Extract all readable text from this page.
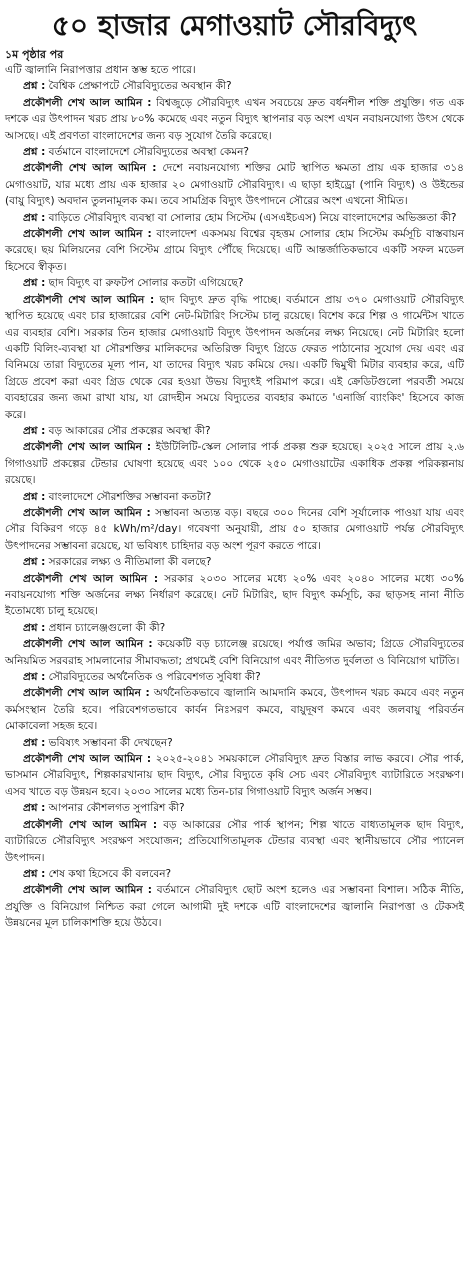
৫০ হাজার মেগাওয়াট সৌরবিদ্যুৎ
১ম পৃষ্ঠার পর

এটি জ্বালানি নিরাপত্তার প্রধান স্তম্ভ হতে পারে।

প্রশ্ন : বৈশ্বিক প্রেক্ষাপটে সৌরবিদ্যুতের অবস্থান কী?

প্রকৌশলী শেখ আল আমিন : বিশ্বজুড়ে সৌরবিদ্যুৎ এখন সবচেয়ে দ্রুত বর্ধনশীল শক্তি প্রযুক্তি। গত এক দশকে এর উৎপাদন খরচ প্রায় ৮০% কমেছে এবং নতুন বিদ্যুৎ স্থাপনার বড় অংশ এখন নবায়নযোগ্য উৎস থেকে আসছে। এই প্রবণতা বাংলাদেশের জন্য বড় সুযোগ তৈরি করেছে।

প্রশ্ন : বর্তমানে বাংলাদেশে সৌরবিদ্যুতের অবস্থা কেমন?

প্রকৌশলী শেখ আল আমিন : দেশে নবায়নযোগ্য শক্তির মোট স্থাপিত ক্ষমতা প্রায় এক হাজার ৩১৪ মেগাওয়াট, যার মধ্যে প্রায় এক হাজার ২০ মেগাওয়াট সৌরবিদ্যুৎ। এ ছাড়া হাইড্রো (পানি বিদ্যুৎ) ও উইন্ডের (বায়ু বিদ্যুৎ) অবদান তুলনামূলক কম। তবে সামগ্রিক বিদ্যুৎ উৎপাদনে সৌরের অংশ এখনো সীমিত।

প্রশ্ন : বাড়িতে সৌরবিদ্যুৎ ব্যবস্থা বা সোলার হোম সিস্টেম (এসএইচএস) নিয়ে বাংলাদেশের অভিজ্ঞতা কী?

প্রকৌশলী শেখ আল আমিন : বাংলাদেশ একসময় বিশ্বের বৃহত্তম সোলার হোম সিস্টেম কর্মসূচি বাস্তবায়ন করেছে। ছয় মিলিয়নের বেশি সিস্টেম গ্রামে বিদ্যুৎ পৌঁছে দিয়েছে। এটি আন্তর্জাতিকভাবে একটি সফল মডেল হিসেবে স্বীকৃত।

প্রশ্ন : ছাদ বিদ্যুৎ বা রুফটপ সোলার কতটা এগিয়েছে?

প্রকৌশলী শেখ আল আমিন : ছাদ বিদ্যুৎ দ্রুত বৃদ্ধি পাচ্ছে। বর্তমানে প্রায় ৩৭০ মেগাওয়াট সৌরবিদ্যুৎ স্থাপিত হয়েছে এবং চার হাজারের বেশি নেট-মিটারিং সিস্টেম চালু রয়েছে। বিশেষ করে শিল্প ও গার্মেন্টস খাতে এর ব্যবহার বেশি। সরকার তিন হাজার মেগাওয়াট বিদ্যুৎ উৎপাদন অর্জনের লক্ষ্য নিয়েছে। নেট মিটারিং হলো একটি বিলিং-ব্যবস্থা যা সৌরশক্তির মালিকদের অতিরিক্ত বিদ্যুৎ গ্রিডে ফেরত পাঠানোর সুযোগ দেয় এবং এর বিনিময়ে তারা বিদ্যুতের মূল্য পান, যা তাদের বিদ্যুৎ খরচ কমিয়ে দেয়। একটি দ্বিমুখী মিটার ব্যবহার করে, এটি গ্রিডে প্রবেশ করা এবং গ্রিড থেকে বের হওয়া উভয় বিদ্যুৎই পরিমাপ করে। এই ক্রেডিটগুলো পরবর্তী সময়ে ব্যবহারের জন্য জমা রাখা যায়, যা রোদহীন সময়ে বিদ্যুতের ব্যবহার কমাতে 'এনার্জি ব্যাংকিং' হিসেবে কাজ করে।

প্রশ্ন : বড় আকারের সৌর প্রকল্পের অবস্থা কী?

প্রকৌশলী শেখ আল আমিন : ইউটিলিটি-স্কেল সোলার পার্ক প্রকল্প শুরু হয়েছে। ২০২৫ সালে প্রায় ২.৬ গিগাওয়াট প্রকল্পের টেন্ডার ঘোষণা হয়েছে এবং ১০০ থেকে ২৫০ মেগাওয়াটের একাধিক প্রকল্প পরিকল্পনায় রয়েছে।

প্রশ্ন : বাংলাদেশে সৌরশক্তির সম্ভাবনা কতটা?

প্রকৌশলী শেখ আল আমিন : সম্ভাবনা অত্যন্ত বড়। বছরে ৩০০ দিনের বেশি সূর্যালোক পাওয়া যায় এবং সৌর বিকিরণ গড়ে ৪৫ kWh/m²/day। গবেষণা অনুযায়ী, প্রায় ৫০ হাজার মেগাওয়াট পর্যন্ত সৌরবিদ্যুৎ উৎপাদনের সম্ভাবনা রয়েছে, যা ভবিষ্যৎ চাহিদার বড় অংশ পূরণ করতে পারে।

প্রশ্ন : সরকারের লক্ষ্য ও নীতিমালা কী বলছে?

প্রকৌশলী শেখ আল আমিন : সরকার ২০৩০ সালের মধ্যে ২০% এবং ২০৪০ সালের মধ্যে ৩০% নবায়নযোগ্য শক্তি অর্জনের লক্ষ্য নির্ধারণ করেছে। নেট মিটারিং, ছাদ বিদ্যুৎ কর্মসূচি, কর ছাড়সহ নানা নীতি ইতোমধ্যে চালু হয়েছে।

প্রশ্ন : প্রধান চ্যালেঞ্জগুলো কী কী?

প্রকৌশলী শেখ আল আমিন : কয়েকটি বড় চ্যালেঞ্জ রয়েছে। পর্যাপ্ত জমির অভাব; গ্রিডে সৌরবিদ্যুতের অনিয়মিত সরবরাহ সামলানোর সীমাবদ্ধতা; প্রথমেই বেশি বিনিয়োগ এবং নীতিগত দুর্বলতা ও বিনিয়োগ ঘাটতি।

প্রশ্ন : সৌরবিদ্যুতের অর্থনৈতিক ও পরিবেশগত সুবিধা কী?

প্রকৌশলী শেখ আল আমিন : অর্থনৈতিকভাবে জ্বালানি আমদানি কমবে, উৎপাদন খরচ কমবে এবং নতুন কর্মসংস্থান তৈরি হবে। পরিবেশগতভাবে কার্বন নিঃসরণ কমবে, বায়ুদূষণ কমবে এবং জলবায়ু পরিবর্তন মোকাবেলা সহজ হবে।

প্রশ্ন : ভবিষ্যৎ সম্ভাবনা কী দেখছেন?

প্রকৌশলী শেখ আল আমিন : ২০২৫-২০৪১ সময়কালে সৌরবিদ্যুৎ দ্রুত বিস্তার লাভ করবে। সৌর পার্ক, ভাসমান সৌরবিদ্যুৎ, শিল্পকারখানায় ছাদ বিদ্যুৎ, সৌর বিদ্যুতে কৃষি সেচ এবং সৌরবিদ্যুৎ ব্যাটারিতে সংরক্ষণ। এসব খাতে বড় উন্নয়ন হবে। ২০৩০ সালের মধ্যে তিন-চার গিগাওয়াট বিদ্যুৎ অর্জন সম্ভব।

প্রশ্ন : আপনার কৌশলগত সুপারিশ কী?

প্রকৌশলী শেখ আল আমিন : বড় আকারের সৌর পার্ক স্থাপন; শিল্প খাতে বাধ্যতামূলক ছাদ বিদ্যুৎ, ব্যাটারিতে সৌরবিদ্যুৎ সংরক্ষণ সংযোজন; প্রতিযোগিতামূলক টেন্ডার ব্যবস্থা এবং স্থানীয়ভাবে সৌর প্যানেল উৎপাদন।

প্রশ্ন : শেষ কথা হিসেবে কী বলবেন?

প্রকৌশলী শেখ আল আমিন : বর্তমানে সৌরবিদ্যুৎ ছোট অংশ হলেও এর সম্ভাবনা বিশাল। সঠিক নীতি, প্রযুক্তি ও বিনিয়োগ নিশ্চিত করা গেলে আগামী দুই দশকে এটি বাংলাদেশের জ্বালানি নিরাপত্তা ও টেকসই উন্নয়নের মূল চালিকাশক্তি হয়ে উঠবে।
